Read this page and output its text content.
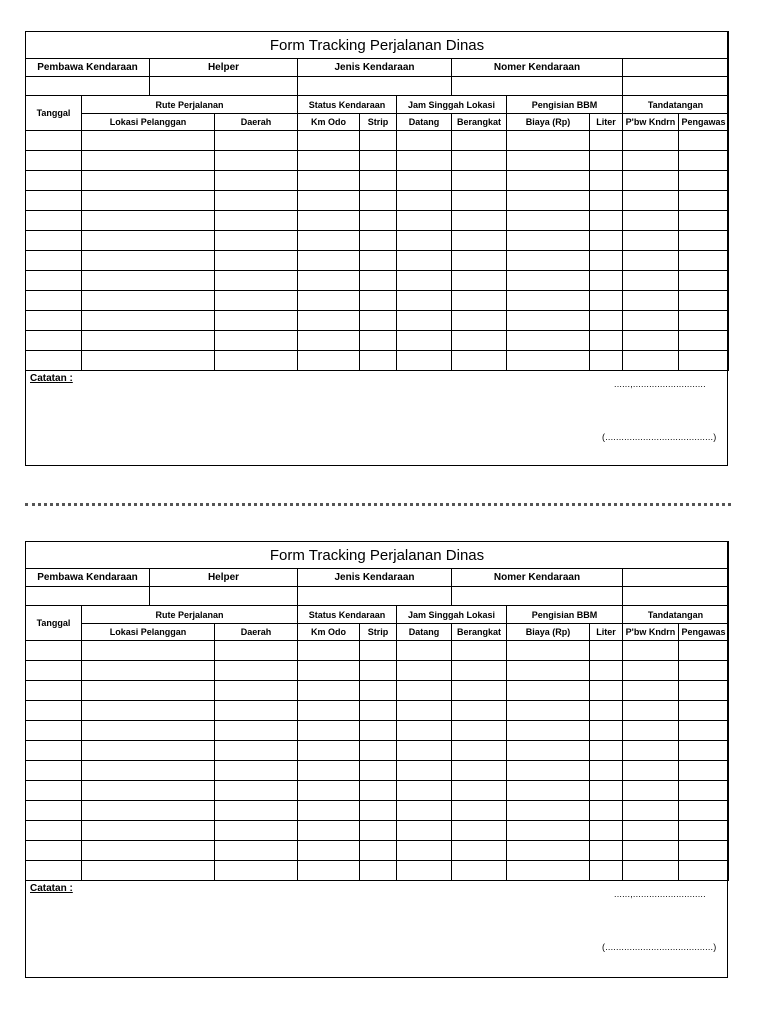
Form Tracking Perjalanan Dinas											
Pembawa Kendaraan		Helper		Jenis Kendaraan			Nomer Kendaraan				

Tanggal	Rute Perjalanan			Status Kendaraan		Jam Singgah Lokasi		Pengisian BBM		Tandatangan	
	Lokasi Pelanggan		Daerah	Km Odo	Strip	Datang	Berangkat	Biaya (Rp)	Liter	P'bw Kndrn	Pengawas

Catatan :	......,...........................
(........................................)
Form Tracking Perjalanan Dinas											
Pembawa Kendaraan		Helper		Jenis Kendaraan			Nomer Kendaraan				

Tanggal	Rute Perjalanan			Status Kendaraan		Jam Singgah Lokasi		Pengisian BBM		Tandatangan	
	Lokasi Pelanggan		Daerah	Km Odo	Strip	Datang	Berangkat	Biaya (Rp)	Liter	P'bw Kndrn	Pengawas

Catatan :	......,...........................
(........................................)
